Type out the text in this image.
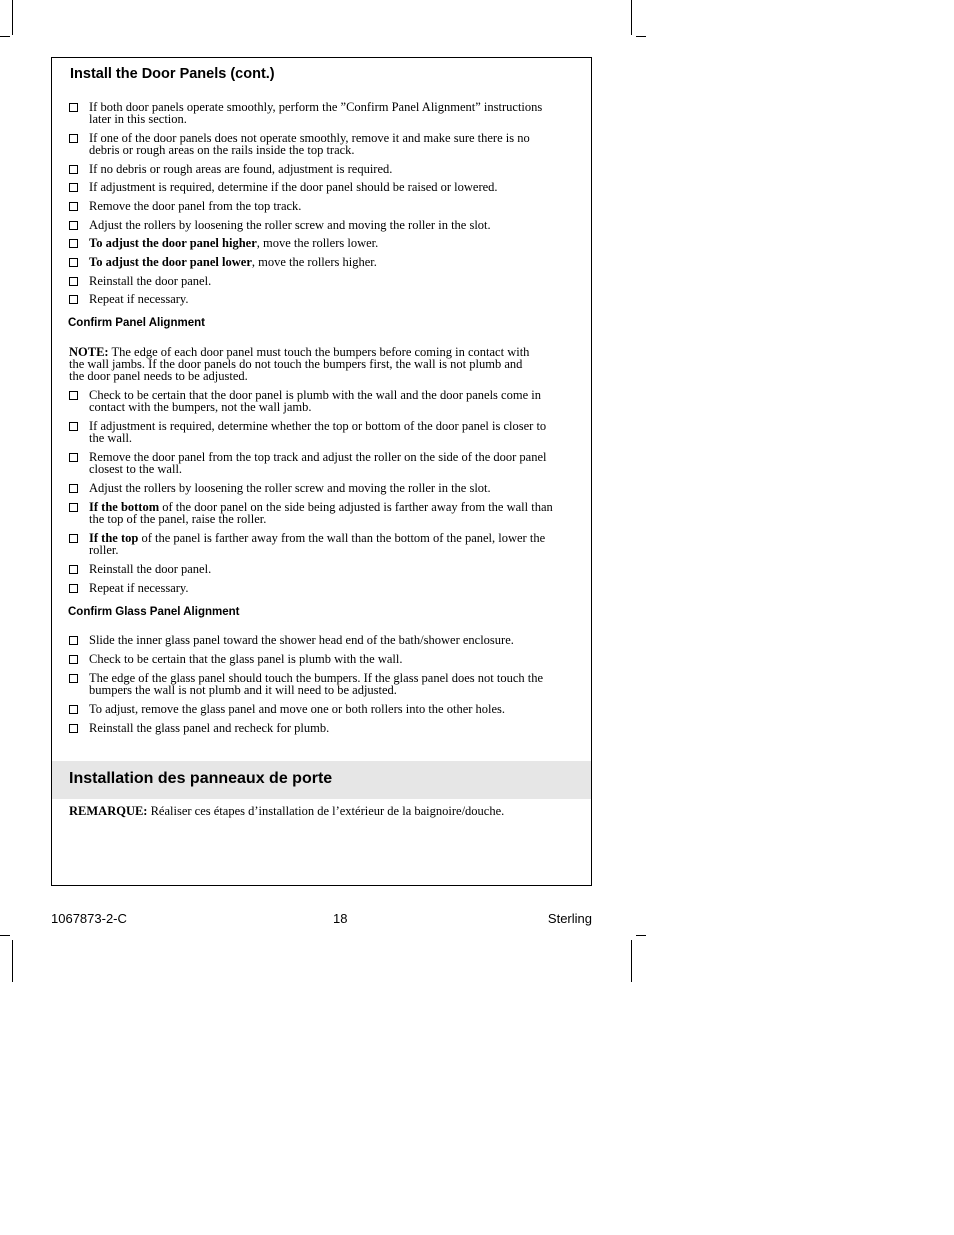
Install the Door Panels (cont.)
If both door panels operate smoothly, perform the ”Confirm Panel Alignment” instructions later in this section.
If one of the door panels does not operate smoothly, remove it and make sure there is no debris or rough areas on the rails inside the top track.
If no debris or rough areas are found, adjustment is required.
If adjustment is required, determine if the door panel should be raised or lowered.
Remove the door panel from the top track.
Adjust the rollers by loosening the roller screw and moving the roller in the slot.
To adjust the door panel higher, move the rollers lower.
To adjust the door panel lower, move the rollers higher.
Reinstall the door panel.
Repeat if necessary.
Confirm Panel Alignment

NOTE: The edge of each door panel must touch the bumpers before coming in contact with the wall jambs. If the door panels do not touch the bumpers first, the wall is not plumb and the door panel needs to be adjusted.

Check to be certain that the door panel is plumb with the wall and the door panels come in contact with the bumpers, not the wall jamb.
If adjustment is required, determine whether the top or bottom of the door panel is closer to the wall.
Remove the door panel from the top track and adjust the roller on the side of the door panel closest to the wall.
Adjust the rollers by loosening the roller screw and moving the roller in the slot.
If the bottom of the door panel on the side being adjusted is farther away from the wall than the top of the panel, raise the roller.
If the top of the panel is farther away from the wall than the bottom of the panel, lower the roller.
Reinstall the door panel.
Repeat if necessary.
Confirm Glass Panel Alignment
Slide the inner glass panel toward the shower head end of the bath/shower enclosure.
Check to be certain that the glass panel is plumb with the wall.
The edge of the glass panel should touch the bumpers. If the glass panel does not touch the bumpers the wall is not plumb and it will need to be adjusted.
To adjust, remove the glass panel and move one or both rollers into the other holes.
Reinstall the glass panel and recheck for plumb.
Installation des panneaux de porte

REMARQUE: Réaliser ces étapes d’installation de l’extérieur de la baignoire/douche.

1067873-2-C	18	Sterling
